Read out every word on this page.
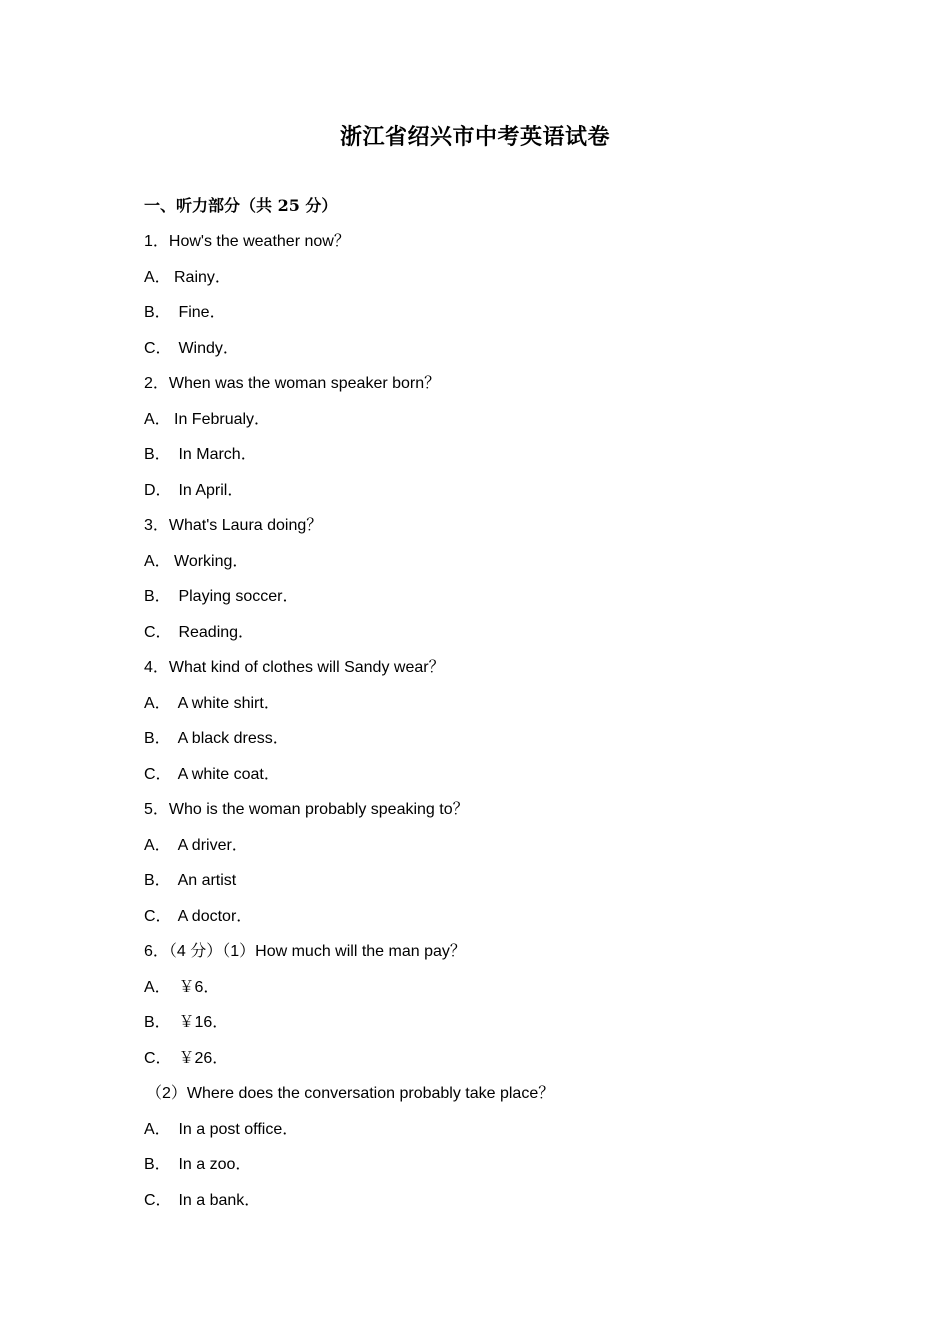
浙江省绍兴市中考英语试卷
一、听力部分（共 25 分）
1．How's the weather now？
A． Rainy．
B． Fine．
C． Windy．
2．When was the woman speaker born？
A． In Februaly．
B． In March．
D． In April．
3．What's Laura doing？
A． Working．
B． Playing soccer．
C． Reading．
4．What kind of clothes will Sandy wear？
A． A white shirt．
B． A black dress．
C． A white coat．
5．Who is the woman probably speaking to？
A． A driver．
B． An artist
C． A doctor．
6．（4 分）（1）How much will the man pay？
A． ￥6．
B． ￥16．
C． ￥26．
（2）Where does the conversation probably take place？
A． In a post office．
B． In a zoo．
C． In a bank．
